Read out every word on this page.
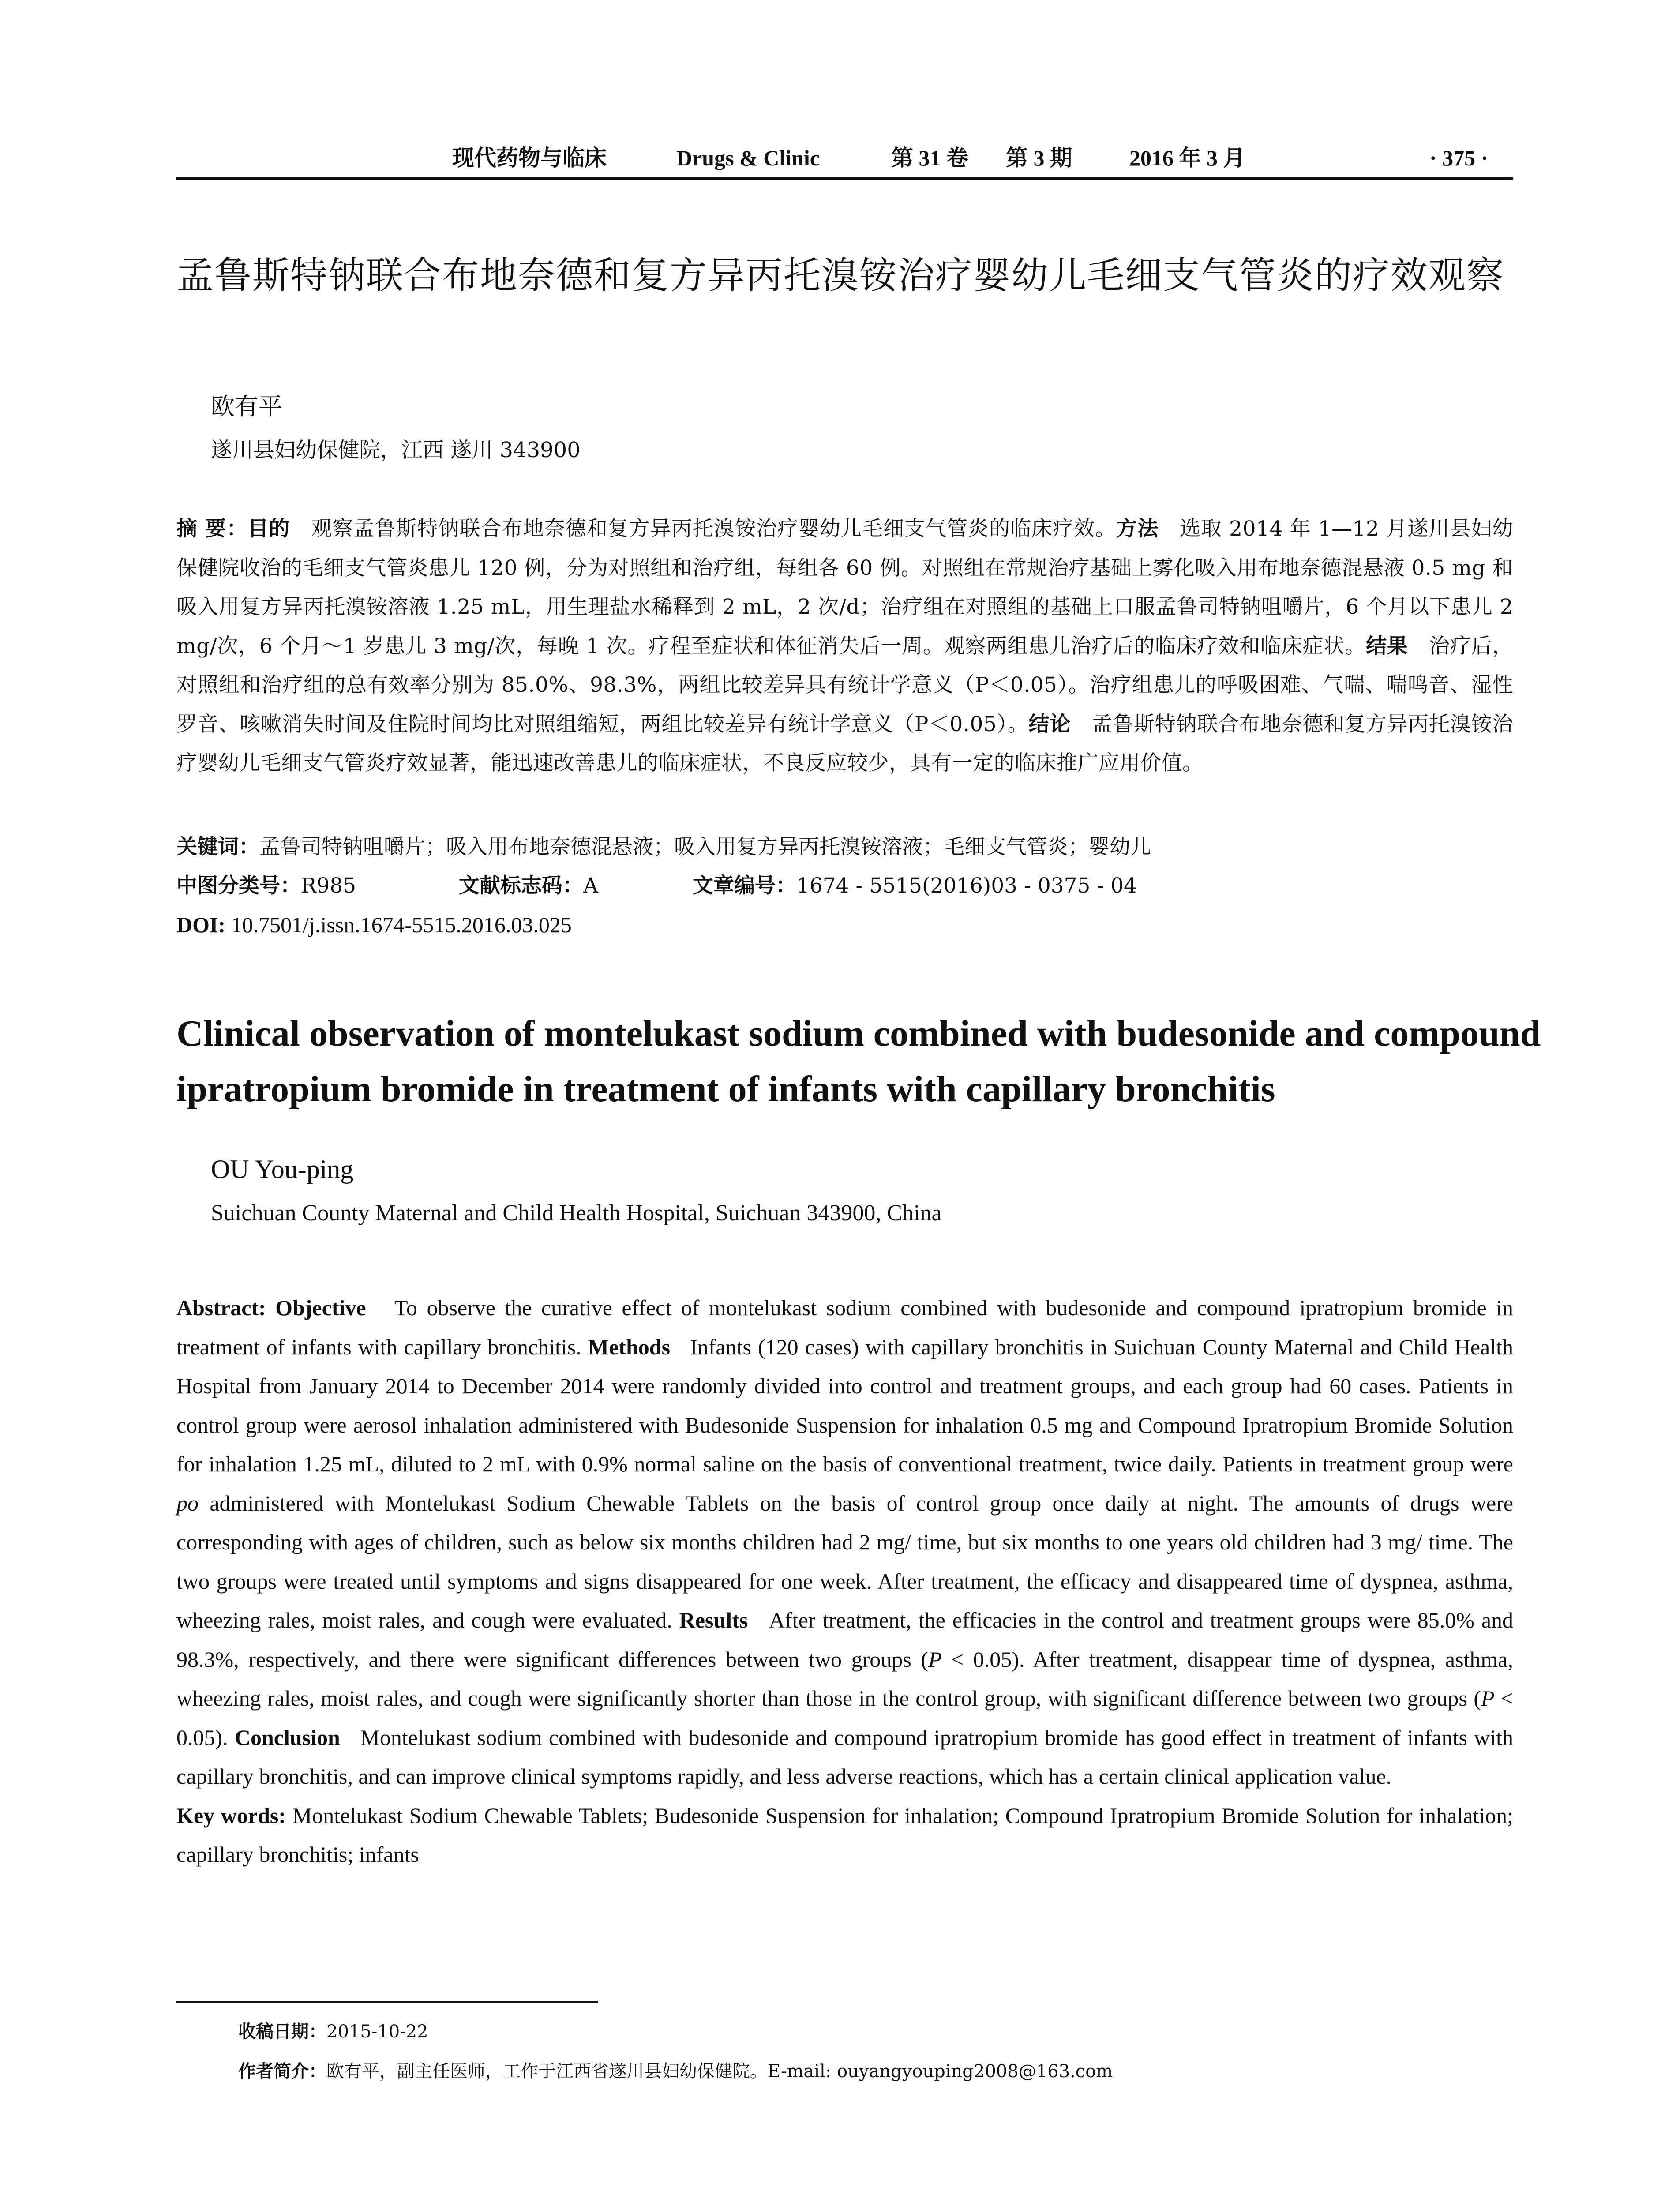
现代药物与临床	Drugs & Clinic	第 31 卷 第 3 期	2016 年 3 月	· 375 ·
孟鲁斯特钠联合布地奈德和复方异丙托溴铵治疗婴幼儿毛细支气管炎的疗效观察
欧有平
遂川县妇幼保健院，江西 遂川 343900
摘 要：目的 观察孟鲁斯特钠联合布地奈德和复方异丙托溴铵治疗婴幼儿毛细支气管炎的临床疗效。方法 选取 2014 年 1—12 月遂川县妇幼保健院收治的毛细支气管炎患儿 120 例，分为对照组和治疗组，每组各 60 例。对照组在常规治疗基础上雾化吸入用布地奈德混悬液 0.5 mg 和吸入用复方异丙托溴铵溶液 1.25 mL，用生理盐水稀释到 2 mL，2 次/d；治疗组在对照组的基础上口服孟鲁司特钠咀嚼片，6 个月以下患儿 2 mg/次，6 个月～1 岁患儿 3 mg/次，每晚 1 次。疗程至症状和体征消失后一周。观察两组患儿治疗后的临床疗效和临床症状。结果 治疗后，对照组和治疗组的总有效率分别为 85.0%、98.3%，两组比较差异具有统计学意义（P＜0.05）。治疗组患儿的呼吸困难、气喘、喘鸣音、湿性罗音、咳嗽消失时间及住院时间均比对照组缩短，两组比较差异有统计学意义（P＜0.05）。结论 孟鲁斯特钠联合布地奈德和复方异丙托溴铵治疗婴幼儿毛细支气管炎疗效显著，能迅速改善患儿的临床症状，不良反应较少，具有一定的临床推广应用价值。
关键词：孟鲁司特钠咀嚼片；吸入用布地奈德混悬液；吸入用复方异丙托溴铵溶液；毛细支气管炎；婴幼儿
中图分类号：R985	文献标志码：A	文章编号：1674 - 5515(2016)03 - 0375 - 04
DOI: 10.7501/j.issn.1674-5515.2016.03.025
Clinical observation of montelukast sodium combined with budesonide and compound ipratropium bromide in treatment of infants with capillary bronchitis
OU You-ping
Suichuan County Maternal and Child Health Hospital, Suichuan 343900, China
Abstract: Objective To observe the curative effect of montelukast sodium combined with budesonide and compound ipratropium bromide in treatment of infants with capillary bronchitis. Methods Infants (120 cases) with capillary bronchitis in Suichuan County Maternal and Child Health Hospital from January 2014 to December 2014 were randomly divided into control and treatment groups, and each group had 60 cases. Patients in control group were aerosol inhalation administered with Budesonide Suspension for inhalation 0.5 mg and Compound Ipratropium Bromide Solution for inhalation 1.25 mL, diluted to 2 mL with 0.9% normal saline on the basis of conventional treatment, twice daily. Patients in treatment group were po administered with Montelukast Sodium Chewable Tablets on the basis of control group once daily at night. The amounts of drugs were corresponding with ages of children, such as below six months children had 2 mg/ time, but six months to one years old children had 3 mg/ time. The two groups were treated until symptoms and signs disappeared for one week. After treatment, the efficacy and disappeared time of dyspnea, asthma, wheezing rales, moist rales, and cough were evaluated. Results After treatment, the efficacies in the control and treatment groups were 85.0% and 98.3%, respectively, and there were significant differences between two groups (P < 0.05). After treatment, disappear time of dyspnea, asthma, wheezing rales, moist rales, and cough were significantly shorter than those in the control group, with significant difference between two groups (P < 0.05). Conclusion Montelukast sodium combined with budesonide and compound ipratropium bromide has good effect in treatment of infants with capillary bronchitis, and can improve clinical symptoms rapidly, and less adverse reactions, which has a certain clinical application value.
Key words: Montelukast Sodium Chewable Tablets; Budesonide Suspension for inhalation; Compound Ipratropium Bromide Solution for inhalation; capillary bronchitis; infants
收稿日期：2015-10-22
作者简介：欧有平，副主任医师，工作于江西省遂川县妇幼保健院。E-mail: ouyangyouping2008@163.com
